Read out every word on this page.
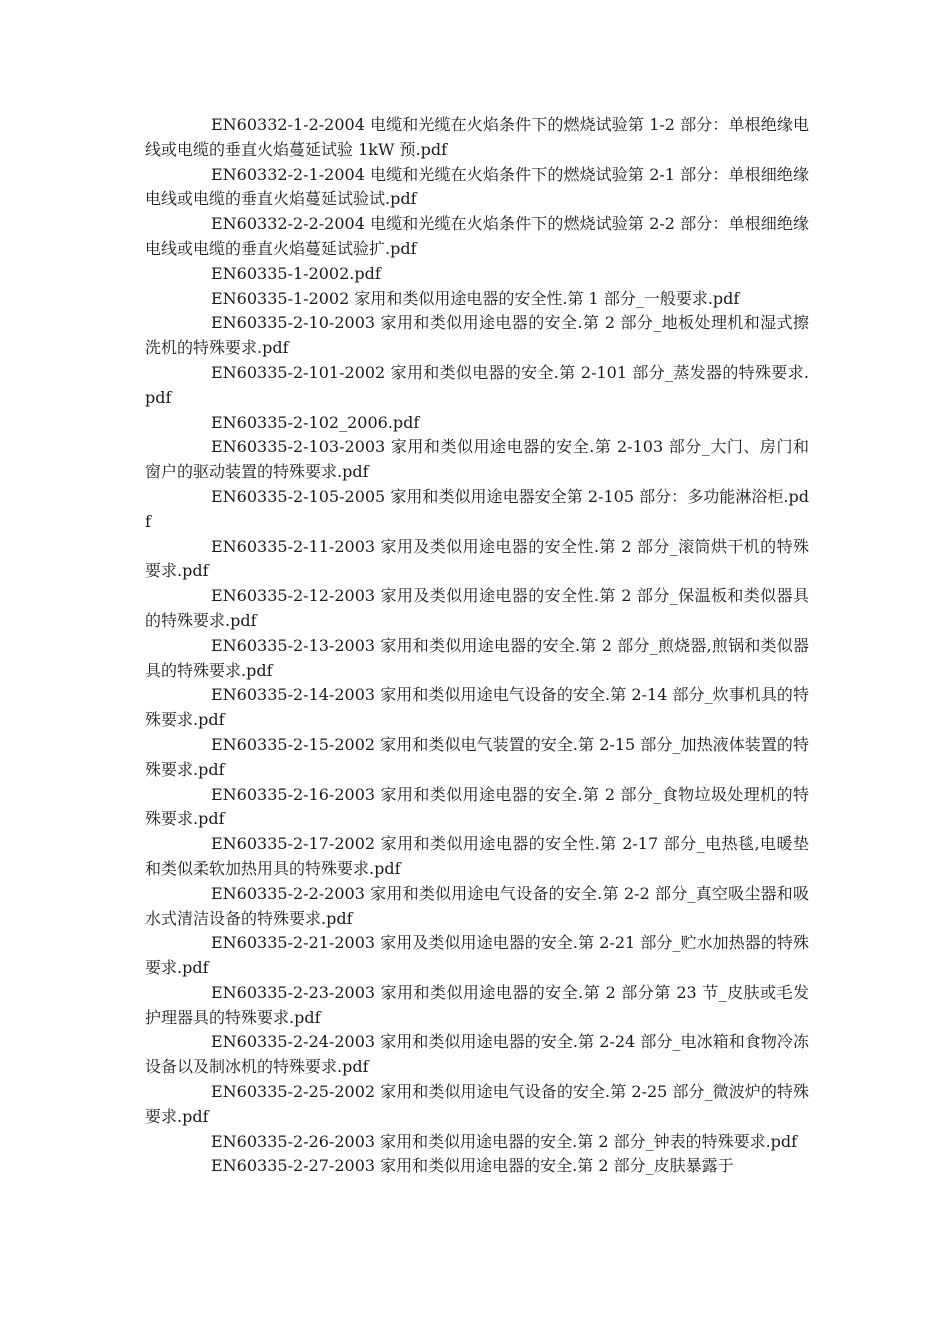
EN60332-1-2-2004 电缆和光缆在火焰条件下的燃烧试验第 1-2 部分：单根绝缘电线或电缆的垂直火焰蔓延试验 1kW 预.pdf

EN60332-2-1-2004 电缆和光缆在火焰条件下的燃烧试验第 2-1 部分：单根细绝缘电线或电缆的垂直火焰蔓延试验试.pdf

EN60332-2-2-2004 电缆和光缆在火焰条件下的燃烧试验第 2-2 部分：单根细绝缘电线或电缆的垂直火焰蔓延试验扩.pdf

EN60335-1-2002.pdf

EN60335-1-2002 家用和类似用途电器的安全性.第 1 部分_一般要求.pdf

EN60335-2-10-2003 家用和类似用途电器的安全.第 2 部分_地板处理机和湿式擦洗机的特殊要求.pdf

EN60335-2-101-2002 家用和类似电器的安全.第 2-101 部分_蒸发器的特殊要求.pdf

EN60335-2-102_2006.pdf

EN60335-2-103-2003 家用和类似用途电器的安全.第 2-103 部分_大门、房门和窗户的驱动装置的特殊要求.pdf

EN60335-2-105-2005 家用和类似用途电器安全第 2-105 部分：多功能淋浴柜.pdf

EN60335-2-11-2003 家用及类似用途电器的安全性.第 2 部分_滚筒烘干机的特殊要求.pdf

EN60335-2-12-2003 家用及类似用途电器的安全性.第 2 部分_保温板和类似器具的特殊要求.pdf

EN60335-2-13-2003 家用和类似用途电器的安全.第 2 部分_煎烧器,煎锅和类似器具的特殊要求.pdf

EN60335-2-14-2003 家用和类似用途电气设备的安全.第 2-14 部分_炊事机具的特殊要求.pdf

EN60335-2-15-2002 家用和类似电气装置的安全.第 2-15 部分_加热液体装置的特殊要求.pdf

EN60335-2-16-2003 家用和类似用途电器的安全.第 2 部分_食物垃圾处理机的特殊要求.pdf

EN60335-2-17-2002 家用和类似用途电器的安全性.第 2-17 部分_电热毯,电暖垫和类似柔软加热用具的特殊要求.pdf

EN60335-2-2-2003 家用和类似用途电气设备的安全.第 2-2 部分_真空吸尘器和吸水式清洁设备的特殊要求.pdf

EN60335-2-21-2003 家用及类似用途电器的安全.第 2-21 部分_贮水加热器的特殊要求.pdf

EN60335-2-23-2003 家用和类似用途电器的安全.第 2 部分第 23 节_皮肤或毛发护理器具的特殊要求.pdf

EN60335-2-24-2003 家用和类似用途电器的安全.第 2-24 部分_电冰箱和食物冷冻设备以及制冰机的特殊要求.pdf

EN60335-2-25-2002 家用和类似用途电气设备的安全.第 2-25 部分_微波炉的特殊要求.pdf

EN60335-2-26-2003 家用和类似用途电器的安全.第 2 部分_钟表的特殊要求.pdf

EN60335-2-27-2003 家用和类似用途电器的安全.第 2 部分_皮肤暴露于
